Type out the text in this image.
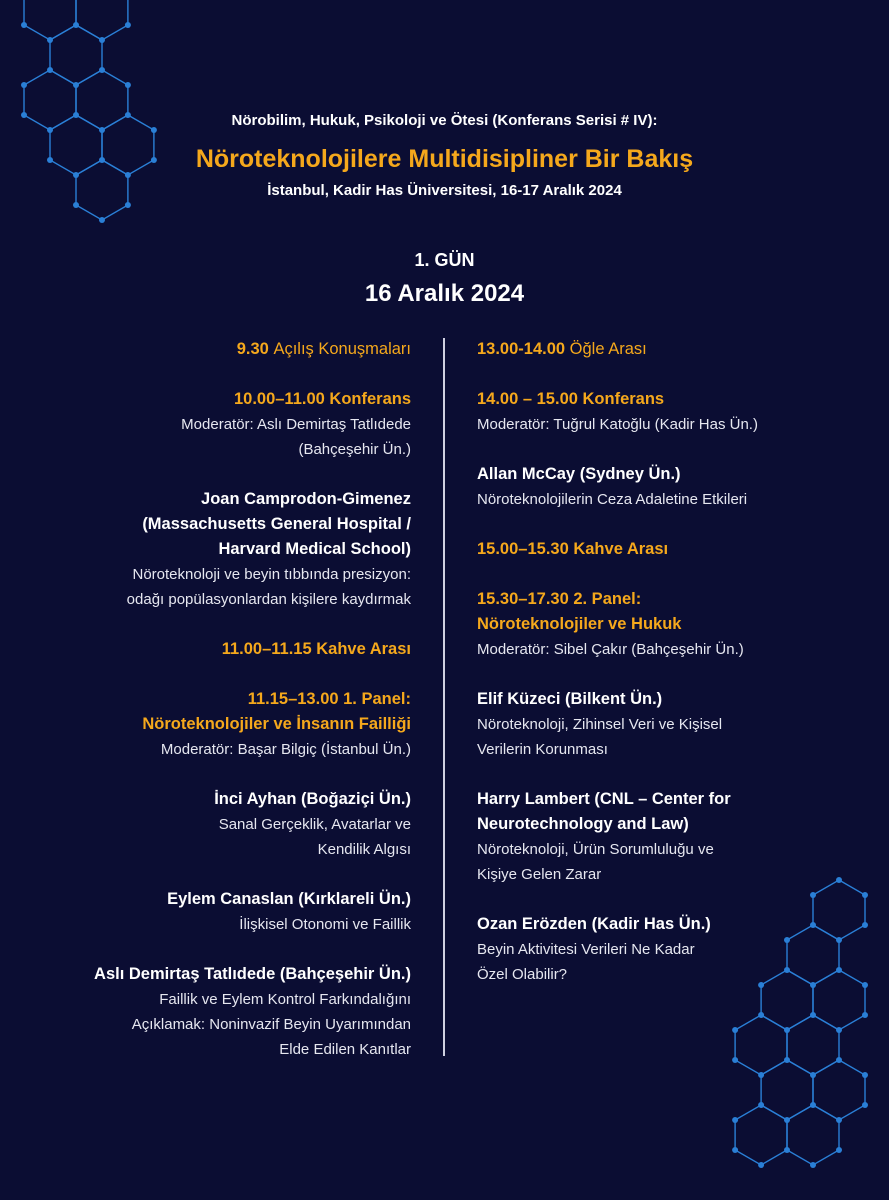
Nörobilim, Hukuk, Psikoloji ve Ötesi (Konferans Serisi # IV):
Nöroteknolojilere Multidisipliner Bir Bakış
İstanbul, Kadir Has Üniversitesi, 16-17 Aralık 2024
1. GÜN
16 Aralık 2024
9.30 Açılış Konuşmaları
10.00–11.00 Konferans
Moderatör: Aslı Demirtaş Tatlıdede
(Bahçeşehir Ün.)
Joan Camprodon-Gimenez
(Massachusetts General Hospital /
Harvard Medical School)
Nöroteknoloji ve beyin tıbbında presizyon:
odağı popülasyonlardan kişilere kaydırmak
11.00–11.15 Kahve Arası
11.15–13.00 1. Panel:
Nöroteknolojiler ve İnsanın Failliği
Moderatör: Başar Bilgiç (İstanbul Ün.)
İnci Ayhan (Boğaziçi Ün.)
Sanal Gerçeklik, Avatarlar ve
Kendilik Algısı
Eylem Canaslan (Kırklareli Ün.)
İlişkisel Otonomi ve Faillik
Aslı Demirtaş Tatlıdede (Bahçeşehir Ün.)
Faillik ve Eylem Kontrol Farkındalığını
Açıklamak: Noninvazif Beyin Uyarımından
Elde Edilen Kanıtlar
13.00-14.00 Öğle Arası
14.00 – 15.00 Konferans
Moderatör: Tuğrul Katoğlu (Kadir Has Ün.)
Allan McCay (Sydney Ün.)
Nöroteknolojilerin Ceza Adaletine Etkileri
15.00–15.30 Kahve Arası
15.30–17.30 2. Panel:
Nöroteknolojiler ve Hukuk
Moderatör: Sibel Çakır (Bahçeşehir Ün.)
Elif Küzeci (Bilkent Ün.)
Nöroteknoloji, Zihinsel Veri ve Kişisel
Verilerin Korunması
Harry Lambert (CNL – Center for
Neurotechnology and Law)
Nöroteknoloji, Ürün Sorumluluğu ve
Kişiye Gelen Zarar
Ozan Erözden (Kadir Has Ün.)
Beyin Aktivitesi Verileri Ne Kadar
Özel Olabilir?
